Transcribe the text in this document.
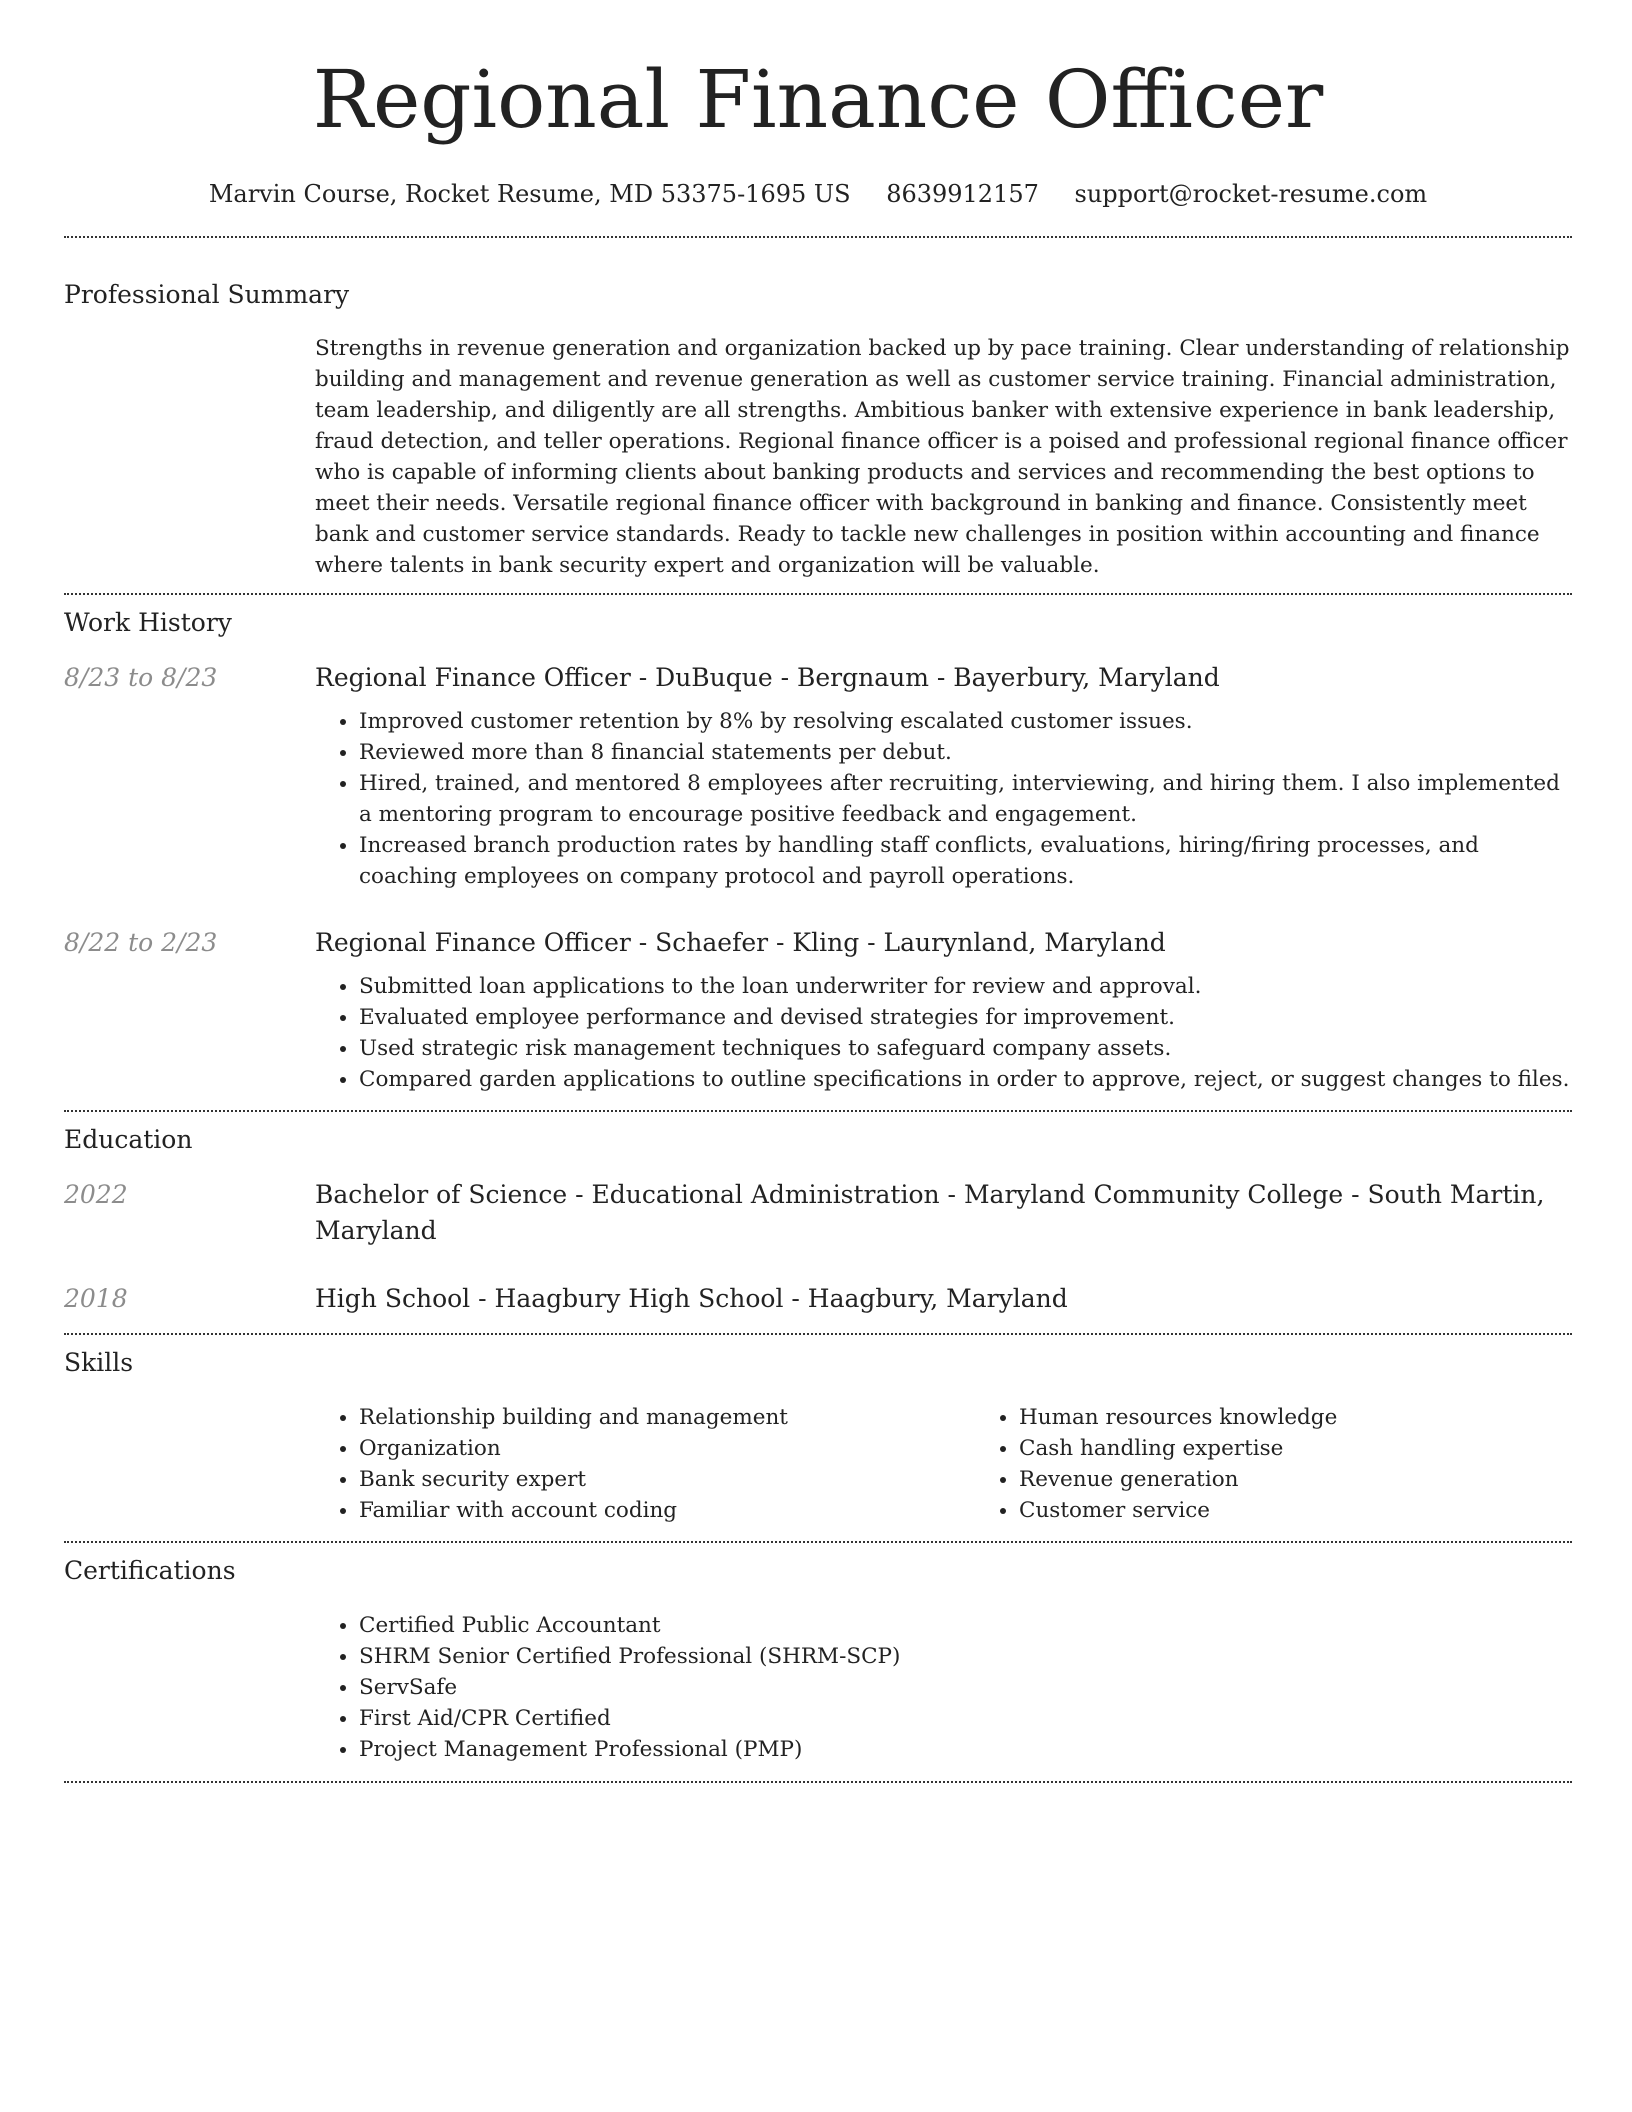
Regional Finance Officer
Marvin Course, Rocket Resume, MD 53375-1695 US 8639912157 support@rocket-resume.com
Professional Summary

Strengths in revenue generation and organization backed up by pace training. Clear understanding of relationship building and management and revenue generation as well as customer service training. Financial administration, team leadership, and diligently are all strengths. Ambitious banker with extensive experience in bank leadership, fraud detection, and teller operations. Regional finance officer is a poised and professional regional finance officer who is capable of informing clients about banking products and services and recommending the best options to meet their needs. Versatile regional finance officer with background in banking and finance. Consistently meet bank and customer service standards. Ready to tackle new challenges in position within accounting and finance where talents in bank security expert and organization will be valuable.

Work History
8/23 to 8/23	Regional Finance Officer - DuBuque - Bergnaum - Bayerbury, Maryland
• Improved customer retention by 8% by resolving escalated customer issues.
• Reviewed more than 8 financial statements per debut.
• Hired, trained, and mentored 8 employees after recruiting, interviewing, and hiring them. I also implemented a mentoring program to encourage positive feedback and engagement.
• Increased branch production rates by handling staff conflicts, evaluations, hiring/firing processes, and coaching employees on company protocol and payroll operations.
8/22 to 2/23	Regional Finance Officer - Schaefer - Kling - Laurynland, Maryland
• Submitted loan applications to the loan underwriter for review and approval.
• Evaluated employee performance and devised strategies for improvement.
• Used strategic risk management techniques to safeguard company assets.
• Compared garden applications to outline specifications in order to approve, reject, or suggest changes to files.
Education
2022	Bachelor of Science - Educational Administration - Maryland Community College - South Martin, Maryland
2018	High School - Haagbury High School - Haagbury, Maryland
Skills
• Relationship building and management
• Organization
• Bank security expert
• Familiar with account coding
• Human resources knowledge
• Cash handling expertise
• Revenue generation
• Customer service
Certifications
• Certified Public Accountant
• SHRM Senior Certified Professional (SHRM-SCP)
• ServSafe
• First Aid/CPR Certified
• Project Management Professional (PMP)
